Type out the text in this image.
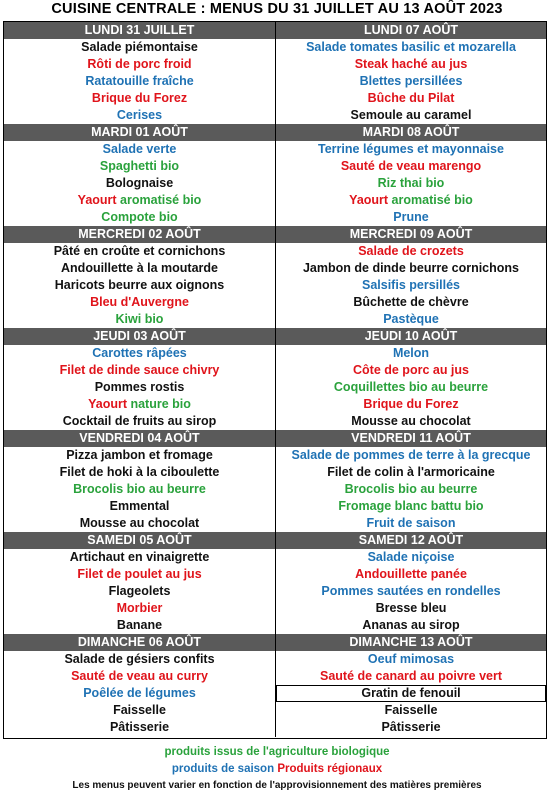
CUISINE CENTRALE : MENUS DU 31 JUILLET AU 13 AOÛT 2023
LUNDI 31 JUILLET
Salade piémontaise
Rôti de porc froid
Ratatouille fraîche
Brique du Forez
Cerises
MARDI 01 AOÛT
Salade verte
Spaghetti bio
Bolognaise
Yaourt aromatisé bio
Compote bio
MERCREDI 02 AOÛT
Pâté en croûte et cornichons
Andouillette à la moutarde
Haricots beurre aux oignons
Bleu d'Auvergne
Kiwi bio
JEUDI 03 AOÛT
Carottes râpées
Filet de dinde sauce chivry
Pommes rostis
Yaourt nature bio
Cocktail de fruits au sirop
VENDREDI 04 AOÛT
Pizza jambon et fromage
Filet de hoki à la ciboulette
Brocolis bio au beurre
Emmental
Mousse au chocolat
SAMEDI 05 AOÛT
Artichaut en vinaigrette
Filet de poulet au jus
Flageolets
Morbier
Banane
DIMANCHE 06 AOÛT
Salade de gésiers confits
Sauté de veau au curry
Poêlée de légumes
Faisselle
Pâtisserie
LUNDI 07 AOÛT
Salade tomates basilic et mozarella
Steak haché au jus
Blettes persillées
Bûche du Pilat
Semoule au caramel
MARDI 08 AOÛT
Terrine légumes et mayonnaise
Sauté de veau marengo
Riz thai bio
Yaourt aromatisé bio
Prune
MERCREDI 09 AOÛT
Salade de crozets
Jambon de dinde beurre cornichons
Salsifis persillés
Bûchette de chèvre
Pastèque
JEUDI 10 AOÛT
Melon
Côte de porc au jus
Coquillettes bio au beurre
Brique du Forez
Mousse au chocolat
VENDREDI 11 AOÛT
Salade de pommes de terre à la grecque
Filet de colin à l'armoricaine
Brocolis bio au beurre
Fromage blanc battu bio
Fruit de saison
SAMEDI 12 AOÛT
Salade niçoise
Andouillette panée
Pommes sautées en rondelles
Bresse bleu
Ananas au sirop
DIMANCHE 13 AOÛT
Oeuf mimosas
Sauté de canard au poivre vert
Gratin de fenouil
Faisselle
Pâtisserie
produits issus de l'agriculture biologique
produits de saison Produits régionaux
Les menus peuvent varier en fonction de l'approvisionnement des matières premières
